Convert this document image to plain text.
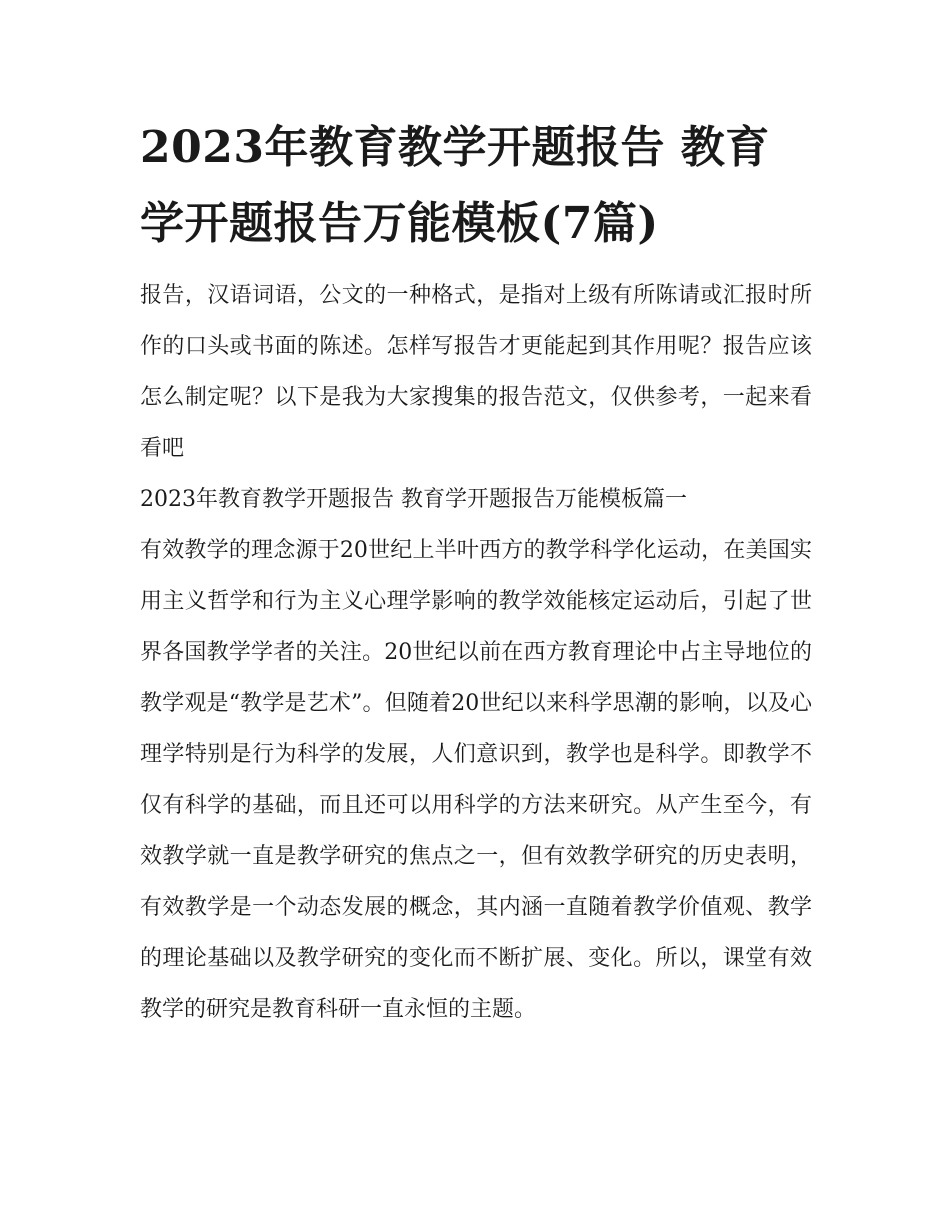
2023年教育教学开题报告 教育学开题报告万能模板(7篇)

报告，汉语词语，公文的一种格式，是指对上级有所陈请或汇报时所作的口头或书面的陈述。怎样写报告才更能起到其作用呢？报告应该怎么制定呢？以下是我为大家搜集的报告范文，仅供参考，一起来看看吧

2023年教育教学开题报告 教育学开题报告万能模板篇一

有效教学的理念源于20世纪上半叶西方的教学科学化运动，在美国实用主义哲学和行为主义心理学影响的教学效能核定运动后，引起了世界各国教学学者的关注。20世纪以前在西方教育理论中占主导地位的教学观是“教学是艺术”。但随着20世纪以来科学思潮的影响，以及心理学特别是行为科学的发展，人们意识到，教学也是科学。即教学不仅有科学的基础，而且还可以用科学的方法来研究。从产生至今，有效教学就一直是教学研究的焦点之一，但有效教学研究的历史表明，有效教学是一个动态发展的概念，其内涵一直随着教学价值观、教学的理论基础以及教学研究的变化而不断扩展、变化。所以，课堂有效教学的研究是教育科研一直永恒的主题。
